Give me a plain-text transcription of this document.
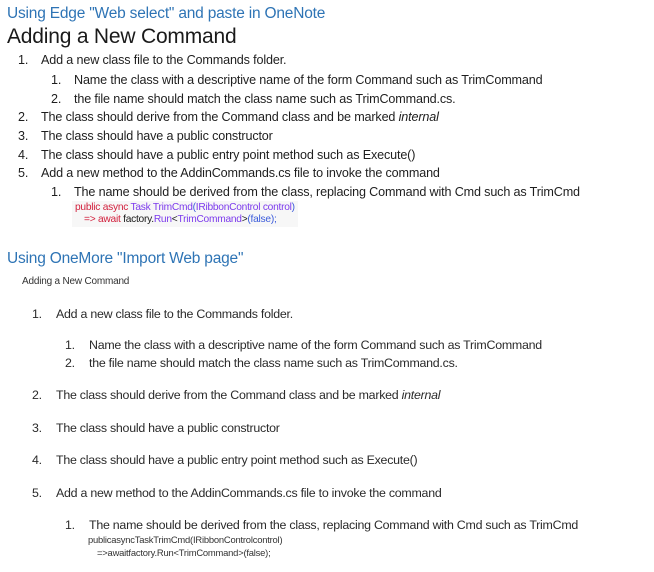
Using Edge "Web select" and paste in OneNote
Adding a New Command
1. Add a new class file to the Commands folder.
1. Name the class with a descriptive name of the form Command such as TrimCommand
2. the file name should match the class name such as TrimCommand.cs.
2. The class should derive from the Command class and be marked internal
3. The class should have a public constructor
4. The class should have a public entry point method such as Execute()
5. Add a new method to the AddinCommands.cs file to invoke the command
1. The name should be derived from the class, replacing Command with Cmd such as TrimCmd
public async Task TrimCmd(IRibbonControl control)
=> await factory.Run<TrimCommand>(false);
Using OneMore "Import Web page"
Adding a New Command
1. Add a new class file to the Commands folder.
1. Name the class with a descriptive name of the form Command such as TrimCommand
2. the file name should match the class name such as TrimCommand.cs.
2. The class should derive from the Command class and be marked internal
3. The class should have a public constructor
4. The class should have a public entry point method such as Execute()
5. Add a new method to the AddinCommands.cs file to invoke the command
1. The name should be derived from the class, replacing Command with Cmd such as TrimCmd
publicasyncTaskTrimCmd(IRibbonControlcontrol)
=>awaitfactory.Run<TrimCommand>(false);
